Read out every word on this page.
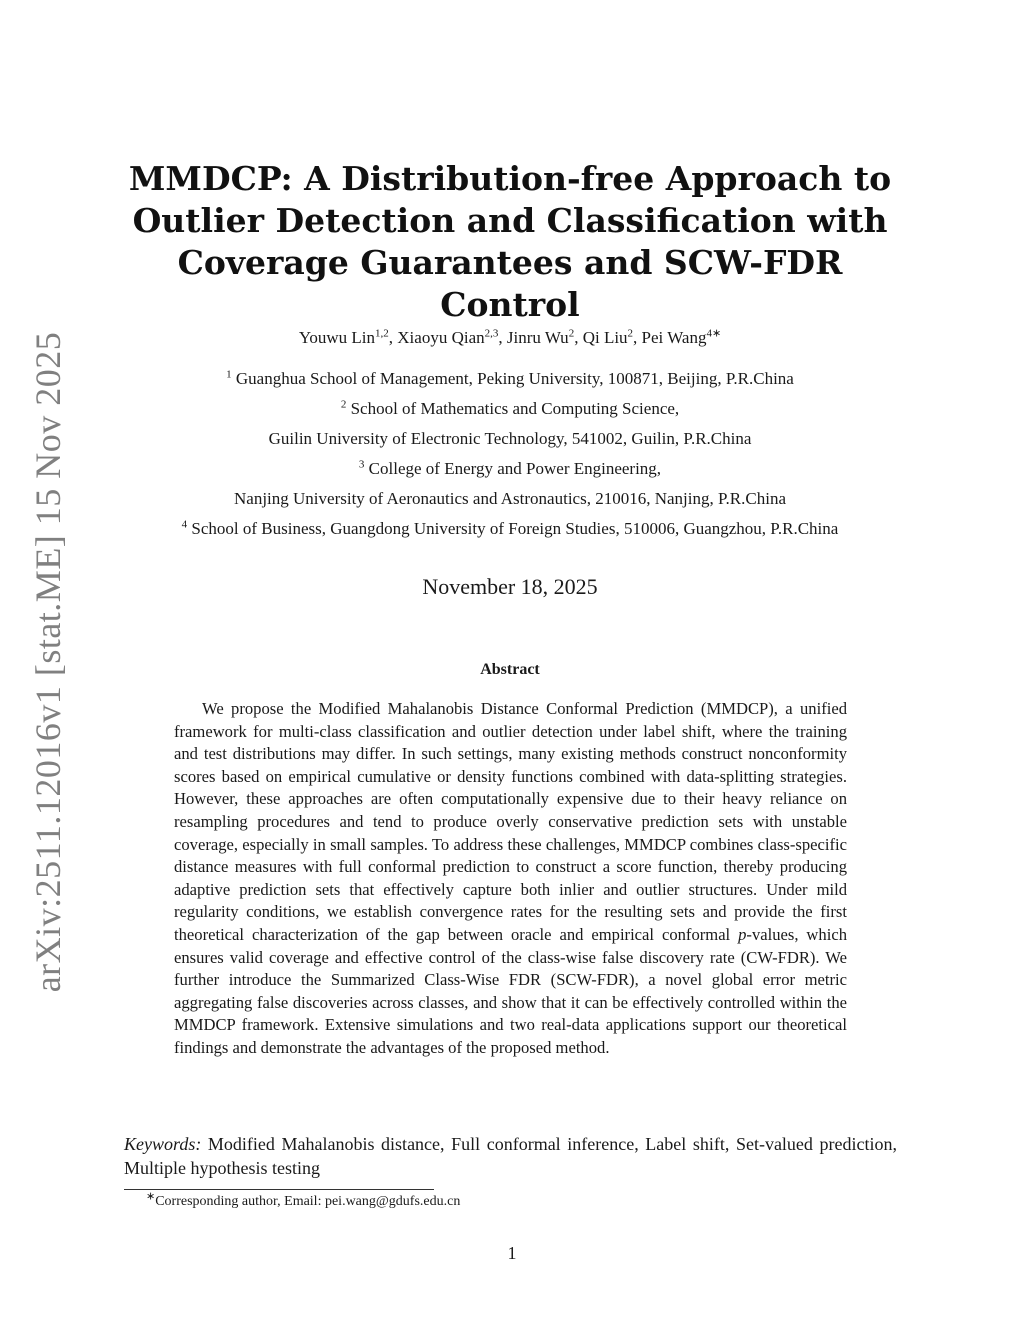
arXiv:2511.12016v1 [stat.ME] 15 Nov 2025
MMDCP: A Distribution-free Approach to
Outlier Detection and Classification with
Coverage Guarantees and SCW-FDR Control
Youwu Lin$^{1,2}$, Xiaoyu Qian$^{2,3}$, Jinru Wu$^2$, Qi Liu$^2$, Pei Wang$^{4∗}$
$^1$ Guanghua School of Management, Peking University, 100871, Beijing, P.R.China
$^2$ School of Mathematics and Computing Science,
Guilin University of Electronic Technology, 541002, Guilin, P.R.China
$^3$ College of Energy and Power Engineering,
Nanjing University of Aeronautics and Astronautics, 210016, Nanjing, P.R.China
$^4$ School of Business, Guangdong University of Foreign Studies, 510006, Guangzhou, P.R.China
November 18, 2025
Abstract

We propose the Modified Mahalanobis Distance Conformal Prediction (MMDCP), a unified framework for multi-class classification and outlier detection under label shift, where the training and test distributions may differ. In such settings, many existing methods construct nonconformity scores based on empirical cumulative or density functions combined with data-splitting strategies. However, these approaches are often computationally expensive due to their heavy reliance on resampling procedures and tend to produce overly conservative prediction sets with unstable coverage, especially in small samples. To address these challenges, MMDCP combines class-specific distance measures with full conformal prediction to construct a score function, thereby producing adaptive prediction sets that effectively capture both inlier and outlier structures. Under mild regularity conditions, we establish convergence rates for the resulting sets and provide the first theoretical characterization of the gap between oracle and empirical conformal p-values, which ensures valid coverage and effective control of the class-wise false discovery rate (CW-FDR). We further introduce the Summarized Class-Wise FDR (SCW-FDR), a novel global error metric aggregating false discoveries across classes, and show that it can be effectively controlled within the MMDCP framework. Extensive simulations and two real-data applications support our theoretical findings and demonstrate the advantages of the proposed method.

Keywords: Modified Mahalanobis distance, Full conformal inference, Label shift, Set-valued prediction, Multiple hypothesis testing

∗Corresponding author, Email: pei.wang@gdufs.edu.cn
1
